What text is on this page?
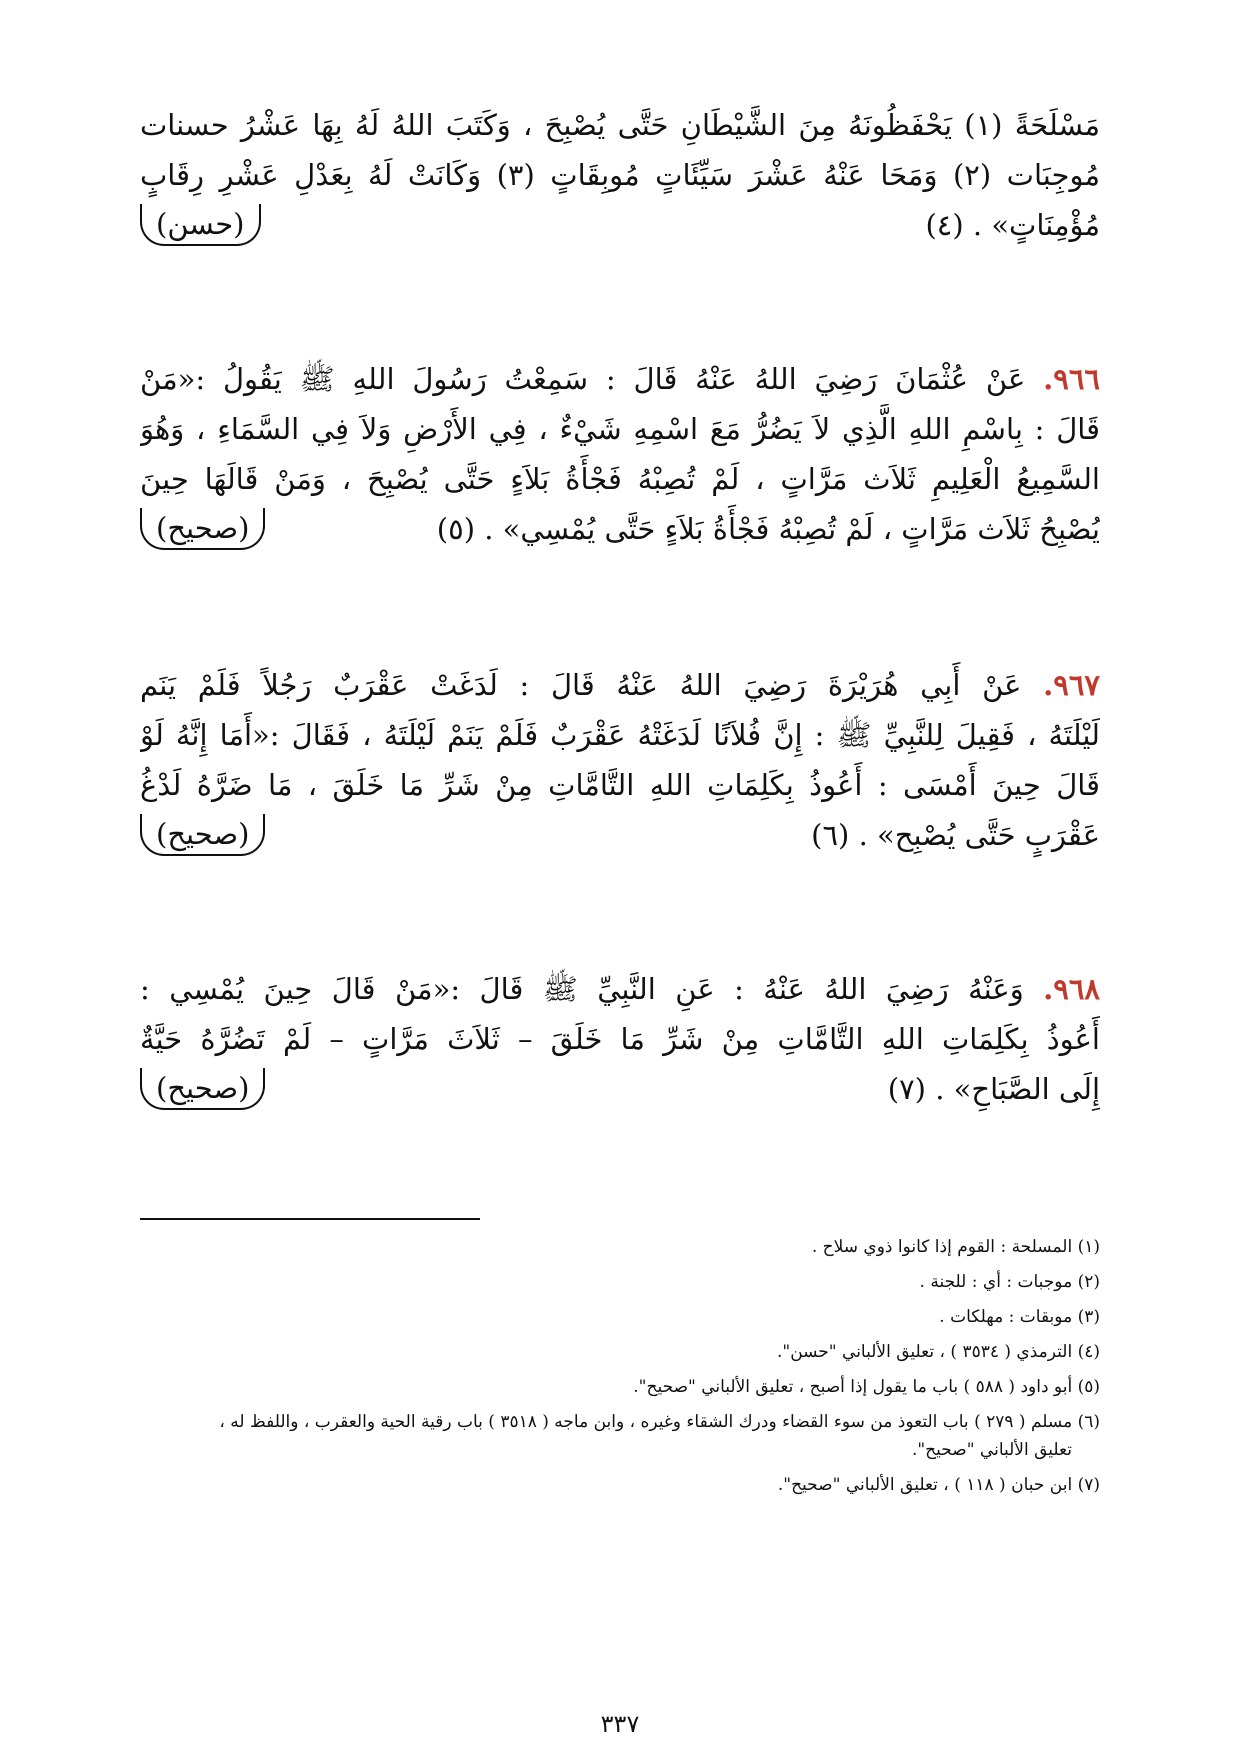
مَسْلَحَةً (١) يَحْفَظُونَهُ مِنَ الشَّيْطَانِ حَتَّى يُصْبِحَ ، وَكَتَبَ اللهُ لَهُ بِهَا عَشْرُ حسنات
مُوجِبَات (٢) وَمَحَا عَنْهُ عَشْرَ سَيِّئَاتٍ مُوبِقَاتٍ (٣) وَكَانَتْ لَهُ بِعَدْلِ عَشْرِ رِقَابٍ
مُؤْمِنَاتٍ» . (٤)
(حسن)
٩٦٦. عَنْ عُثْمَانَ رَضِيَ اللهُ عَنْهُ قَالَ : سَمِعْتُ رَسُولَ اللهِ ﷺ يَقُولُ :«مَنْ
قَالَ : بِاسْمِ اللهِ الَّذِي لاَ يَضُرُّ مَعَ اسْمِهِ شَيْءٌ ، فِي الأَرْضِ وَلاَ فِي السَّمَاءِ ، وَهُوَ
السَّمِيعُ الْعَلِيمِ ثَلاَث مَرَّاتٍ ، لَمْ تُصِبْهُ فَجْأَةُ بَلاَءٍ حَتَّى يُصْبِحَ ، وَمَنْ قَالَهَا حِينَ
يُصْبِحُ ثَلاَث مَرَّاتٍ ، لَمْ تُصِبْهُ فَجْأَةُ بَلاَءٍ حَتَّى يُمْسِي» . (٥)
(صحيح)
٩٦٧. عَنْ أَبِي هُرَيْرَةَ رَضِيَ اللهُ عَنْهُ قَالَ : لَدَغَتْ عَقْرَبٌ رَجُلاً فَلَمْ يَنَم
لَيْلَتَهُ ، فَقِيلَ لِلنَّبِيِّ ﷺ : إِنَّ فُلاَنًا لَدَغَتْهُ عَقْرَبٌ فَلَمْ يَنَمْ لَيْلَتَهُ ، فَقَالَ :«أَمَا إِنَّهُ لَوْ
قَالَ حِينَ أَمْسَى : أَعُوذُ بِكَلِمَاتِ اللهِ التَّامَّاتِ مِنْ شَرِّ مَا خَلَقَ ، مَا ضَرَّهُ لَدْغُ
عَقْرَبٍ حَتَّى يُصْبِح» . (٦)
(صحيح)
٩٦٨. وَعَنْهُ رَضِيَ اللهُ عَنْهُ : عَنِ النَّبِيِّ ﷺ قَالَ :«مَنْ قَالَ حِينَ يُمْسِي :
أَعُوذُ بِكَلِمَاتِ اللهِ التَّامَّاتِ مِنْ شَرِّ مَا خَلَقَ – ثَلاَثَ مَرَّاتٍ – لَمْ تَضُرَّهُ حَيَّةٌ
إِلَى الصَّبَاحِ» . (٧)
(صحيح)

(١) المسلحة : القوم إذا كانوا ذوي سلاح .

(٢) موجبات : أي : للجنة .

(٣) موبقات : مهلكات .

(٤) الترمذي ( ٣٥٣٤ ) ، تعليق الألباني "حسن".

(٥) أبو داود ( ٥٨٨ ) باب ما يقول إذا أصبح ، تعليق الألباني "صحيح".

(٦) مسلم ( ٢٧٩ ) باب التعوذ من سوء القضاء ودرك الشقاء وغيره ، وابن ماجه ( ٣٥١٨ ) باب رقية الحية والعقرب ، واللفظ له ،
تعليق الألباني "صحيح".

(٧) ابن حبان ( ١١٨ ) ، تعليق الألباني "صحيح".

٣٣٧
